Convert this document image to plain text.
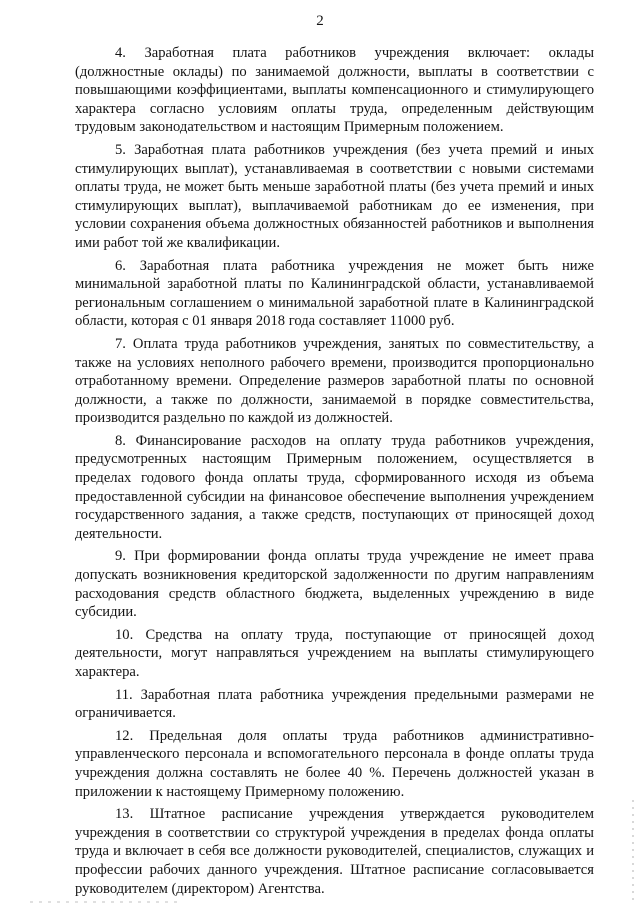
2

4. Заработная плата работников учреждения включает: оклады (должностные оклады) по занимаемой должности, выплаты в соответствии с повышающими коэффициентами, выплаты компенсационного и стимулирующего характера согласно условиям оплаты труда, определенным действующим трудовым законодательством и настоящим Примерным положением.

5. Заработная плата работников учреждения (без учета премий и иных стимулирующих выплат), устанавливаемая в соответствии с новыми системами оплаты труда, не может быть меньше заработной платы (без учета премий и иных стимулирующих выплат), выплачиваемой работникам до ее изменения, при условии сохранения объема должностных обязанностей работников и выполнения ими работ той же квалификации.

6. Заработная плата работника учреждения не может быть ниже минимальной заработной платы по Калининградской области, устанавливаемой региональным соглашением о минимальной заработной плате в Калининградской области, которая с 01 января 2018 года составляет 11000 руб.

7. Оплата труда работников учреждения, занятых по совместительству, а также на условиях неполного рабочего времени, производится пропорционально отработанному времени. Определение размеров заработной платы по основной должности, а также по должности, занимаемой в порядке совместительства, производится раздельно по каждой из должностей.

8. Финансирование расходов на оплату труда работников учреждения, предусмотренных настоящим Примерным положением, осуществляется в пределах годового фонда оплаты труда, сформированного исходя из объема предоставленной субсидии на финансовое обеспечение выполнения учреждением государственного задания, а также средств, поступающих от приносящей доход деятельности.

9. При формировании фонда оплаты труда учреждение не имеет права допускать возникновения кредиторской задолженности по другим направлениям расходования средств областного бюджета, выделенных учреждению в виде субсидии.

10. Средства на оплату труда, поступающие от приносящей доход деятельности, могут направляться учреждением на выплаты стимулирующего характера.

11. Заработная плата работника учреждения предельными размерами не ограничивается.

12. Предельная доля оплаты труда работников административно-управленческого персонала и вспомогательного персонала в фонде оплаты труда учреждения должна составлять не более 40 %. Перечень должностей указан в приложении к настоящему Примерному положению.

13. Штатное расписание учреждения утверждается руководителем учреждения в соответствии со структурой учреждения в пределах фонда оплаты труда и включает в себя все должности руководителей, специалистов, служащих и профессии рабочих данного учреждения. Штатное расписание согласовывается руководителем (директором) Агентства.
